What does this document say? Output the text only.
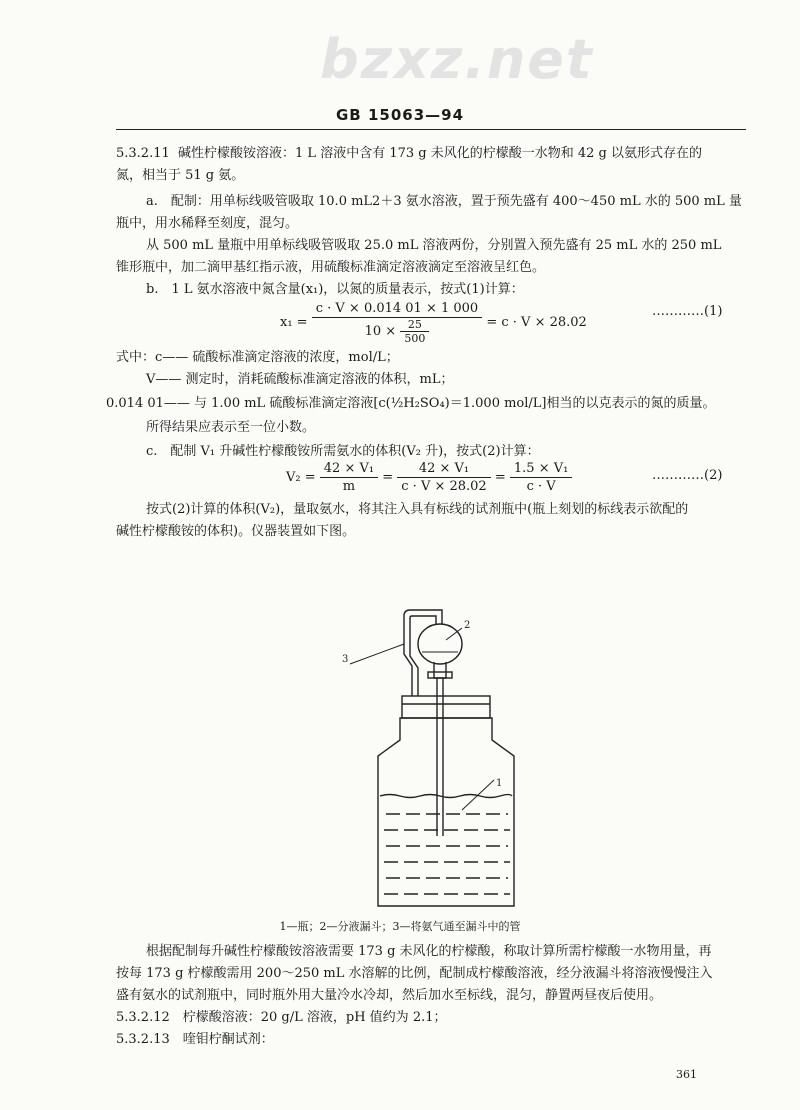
bzxz.net
GB 15063—94
5.3.2.11 碱性柠檬酸铵溶液：1 L 溶液中含有 173 g 未风化的柠檬酸一水物和 42 g 以氨形式存在的
氮，相当于 51 g 氨。
a.　配制：用单标线吸管吸取 10.0 mL2＋3 氨水溶液，置于预先盛有 400～450 mL 水的 500 mL 量
瓶中，用水稀释至刻度，混匀。
从 500 mL 量瓶中用单标线吸管吸取 25.0 mL 溶液两份，分别置入预先盛有 25 mL 水的 250 mL
锥形瓶中，加二滴甲基红指示液，用硫酸标准滴定溶液滴定至溶液呈红色。
b.　1 L 氨水溶液中氮含量(x₁)，以氮的质量表示，按式(1)计算：
$x_1 = \frac{c \cdot V \times 0.014 01 \times 1 000}{10 \times \frac{25}{500}} = c \cdot V \times 28.02$
…………(1)
式中：c—— 硫酸标准滴定溶液的浓度，mol/L；
V—— 测定时，消耗硫酸标准滴定溶液的体积，mL；
0.014 01—— 与 1.00 mL 硫酸标准滴定溶液[c(½H₂SO₄)＝1.000 mol/L]相当的以克表示的氮的质量。
所得结果应表示至一位小数。
c.　配制 V₁ 升碱性柠檬酸铵所需氨水的体积(V₂ 升)，按式(2)计算：
$V_2 = \frac{\text{42 × V₁}}{m} = \frac{\text{42 × V₁}}{c \cdot V \times 28.02} = \frac{\text{1.5 × V₁}}{c \cdot V}$	…………(2)
按式(2)计算的体积(V₂)，量取氨水，将其注入具有标线的试剂瓶中(瓶上刻划的标线表示欲配的
碱性柠檬酸铵的体积)。仪器装置如下图。
1
2
3
1—瓶；2—分液漏斗；3—将氨气通至漏斗中的管
根据配制每升碱性柠檬酸铵溶液需要 173 g 未风化的柠檬酸，称取计算所需柠檬酸一水物用量，再
按每 173 g 柠檬酸需用 200～250 mL 水溶解的比例，配制成柠檬酸溶液，经分液漏斗将溶液慢慢注入
盛有氨水的试剂瓶中，同时瓶外用大量冷水冷却，然后加水至标线，混匀，静置两昼夜后使用。
5.3.2.12　柠檬酸溶液：20 g/L 溶液，pH 值约为 2.1；
5.3.2.13　喹钼柠酮试剂：
361
